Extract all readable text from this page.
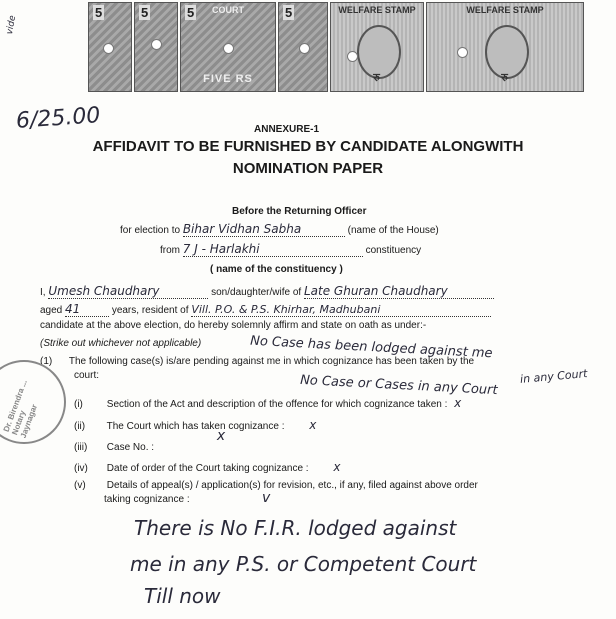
5	5	5	COURT
FIVE RS
5	WELFARE STAMP
रु
WELFARE STAMP
रु
vide
6/25.00	ANNEXURE-1
AFFIDAVIT TO BE FURNISHED BY CANDIDATE ALONGWITH
NOMINATION PAPER
Before the Returning Officer
for election to Bihar Vidhan Sabha	(name of the House)
from 7 J - Harlakhi	constituency
( name of the constituency )
I, Umesh Chaudhary	son/daughter/wife of Late Ghuran Chaudhary
aged 41	years, resident of Vill. P.O. & P.S. Khirhar, Madhubani
candidate at the above election, do hereby solemnly affirm and state on oath as under:-
(Strike out whichever not applicable)	No Case has been lodged against me
in any Court
(1) The following case(s) is/are pending against me in which cognizance has been taken by the
court:	No Case or Cases in any Court
(i) Section of the Act and description of the offence for which cognizance taken : x
(ii) The Court which has taken cognizance : x
(iii) Case No. : x
(iv) Date of order of the Court taking cognizance : x
(v) Details of appeal(s) / application(s) for revision, etc., if any, filed against above order
taking cognizance :	v
There is No F.I.R. lodged against
me in any P.S. or Competent Court
Till now
Dr. Birendra ... Notary Jaynagar
